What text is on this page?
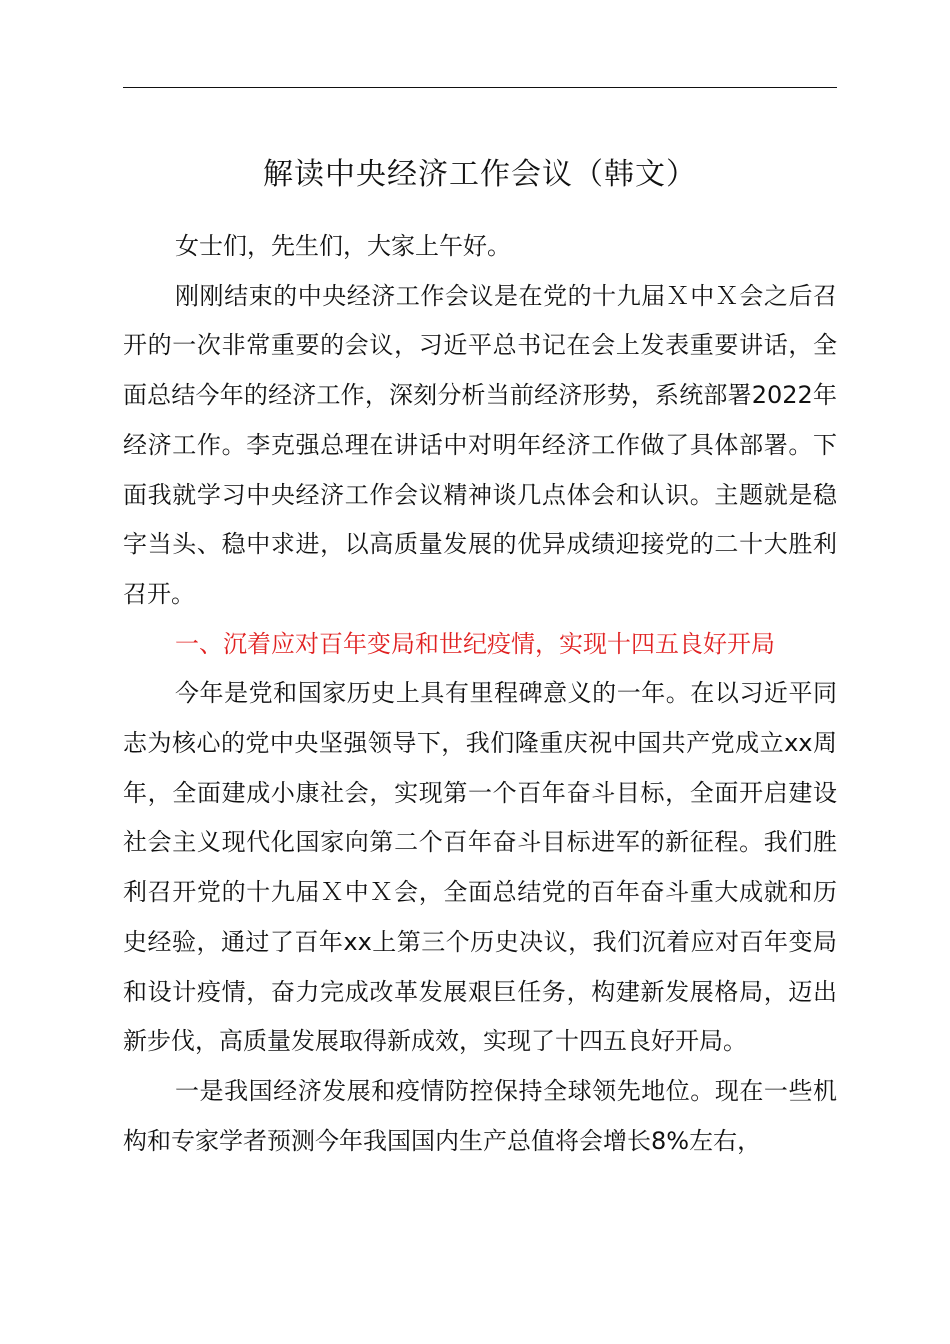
解读中央经济工作会议（韩文）

女士们，先生们，大家上午好。

刚刚结束的中央经济工作会议是在党的十九届Ｘ中Ｘ会之后召开的一次非常重要的会议，习近平总书记在会上发表重要讲话，全面总结今年的经济工作，深刻分析当前经济形势，系统部署2022年经济工作。李克强总理在讲话中对明年经济工作做了具体部署。下面我就学习中央经济工作会议精神谈几点体会和认识。主题就是稳字当头、稳中求进，以高质量发展的优异成绩迎接党的二十大胜利召开。

一、沉着应对百年变局和世纪疫情，实现十四五良好开局

今年是党和国家历史上具有里程碑意义的一年。在以习近平同志为核心的党中央坚强领导下，我们隆重庆祝中国共产党成立xx周年，全面建成小康社会，实现第一个百年奋斗目标，全面开启建设社会主义现代化国家向第二个百年奋斗目标进军的新征程。我们胜利召开党的十九届Ｘ中Ｘ会，全面总结党的百年奋斗重大成就和历史经验，通过了百年xx上第三个历史决议，我们沉着应对百年变局和设计疫情，奋力完成改革发展艰巨任务，构建新发展格局，迈出新步伐，高质量发展取得新成效，实现了十四五良好开局。

一是我国经济发展和疫情防控保持全球领先地位。现在一些机构和专家学者预测今年我国国内生产总值将会增长8%左右，
